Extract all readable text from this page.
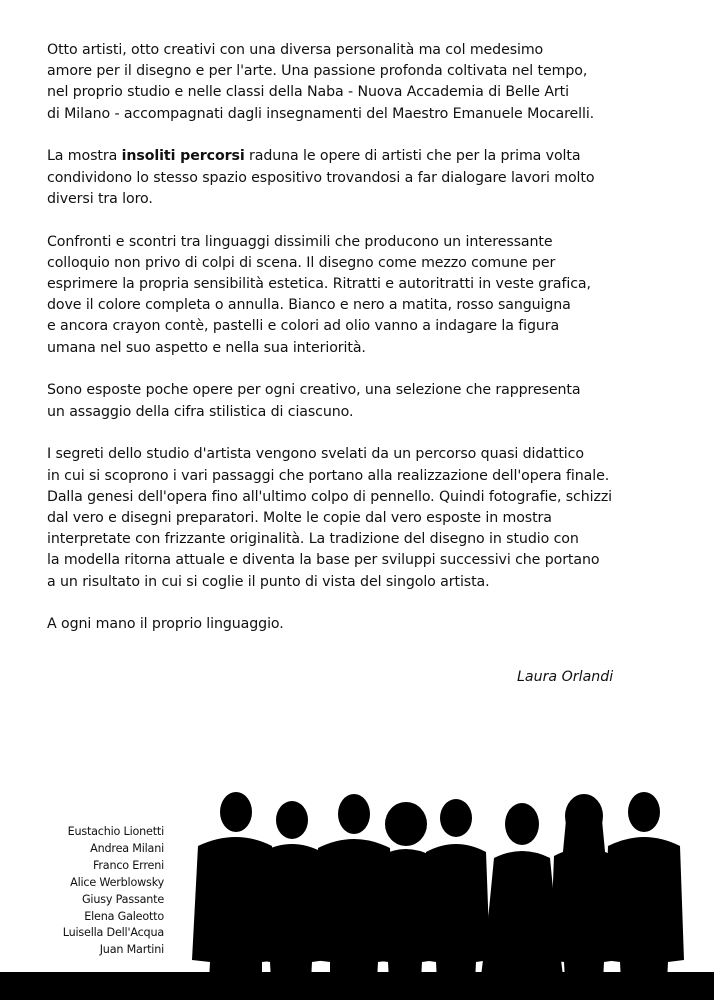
Otto artisti, otto creativi con una diversa personalità ma col medesimo
amore per il disegno e per l'arte. Una passione profonda coltivata nel tempo,
nel proprio studio e nelle classi della Naba - Nuova Accademia di Belle Arti
di Milano - accompagnati dagli insegnamenti del Maestro Emanuele Mocarelli.

La mostra insoliti percorsi raduna le opere di artisti che per la prima volta
condividono lo stesso spazio espositivo trovandosi a far dialogare lavori molto
diversi tra loro.

Confronti e scontri tra linguaggi dissimili che producono un interessante
colloquio non privo di colpi di scena. Il disegno come mezzo comune per
esprimere la propria sensibilità estetica. Ritratti e autoritratti in veste grafica,
dove il colore completa o annulla. Bianco e nero a matita, rosso sanguigna
e ancora crayon contè, pastelli e colori ad olio vanno a indagare la figura
umana nel suo aspetto e nella sua interiorità.

Sono esposte poche opere per ogni creativo, una selezione che rappresenta
un assaggio della cifra stilistica di ciascuno.

I segreti dello studio d'artista vengono svelati da un percorso quasi didattico
in cui si scoprono i vari passaggi che portano alla realizzazione dell'opera finale.
Dalla genesi dell'opera fino all'ultimo colpo di pennello. Quindi fotografie, schizzi
dal vero e disegni preparatori. Molte le copie dal vero esposte in mostra
interpretate con frizzante originalità. La tradizione del disegno in studio con
la modella ritorna attuale e diventa la base per sviluppi successivi che portano
a un risultato in cui si coglie il punto di vista del singolo artista.

A ogni mano il proprio linguaggio.

Laura Orlandi
Eustachio Lionetti
Andrea Milani
Franco Erreni
Alice Werblowsky
Giusy Passante
Elena Galeotto
Luisella Dell'Acqua
Juan Martini
